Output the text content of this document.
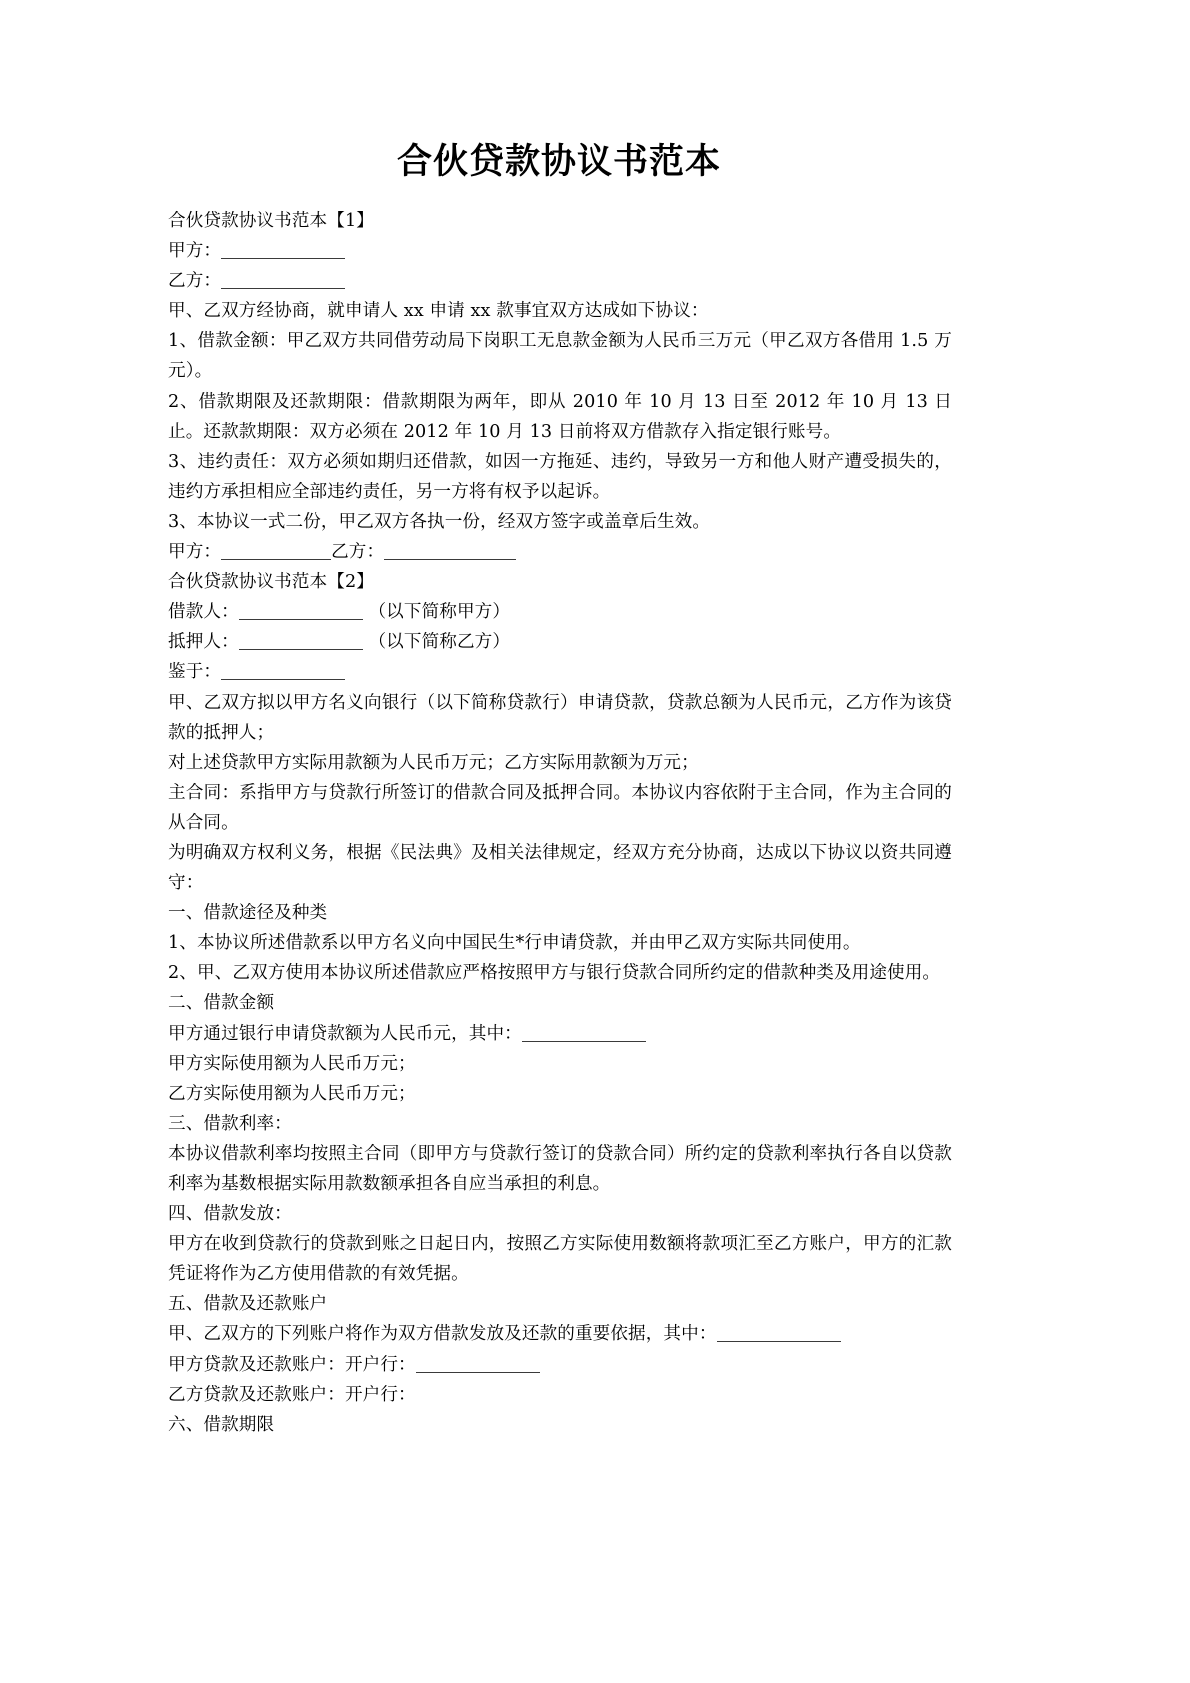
合伙贷款协议书范本
合伙贷款协议书范本【1】
甲方：
乙方：
甲、乙双方经协商，就申请人 xx 申请 xx 款事宜双方达成如下协议：
1、借款金额：甲乙双方共同借劳动局下岗职工无息款金额为人民币三万元（甲乙双方各借用 1.5 万元）。
2、借款期限及还款期限：借款期限为两年，即从 2010 年 10 月 13 日至 2012 年 10 月 13 日止。还款款期限：双方必须在 2012 年 10 月 13 日前将双方借款存入指定银行账号。
3、违约责任：双方必须如期归还借款，如因一方拖延、违约，导致另一方和他人财产遭受损失的，违约方承担相应全部违约责任，另一方将有权予以起诉。
3、本协议一式二份，甲乙双方各执一份，经双方签字或盖章后生效。
甲方：	乙方：
合伙贷款协议书范本【2】
借款人：	（以下简称甲方）
抵押人：	（以下简称乙方）
鉴于：
甲、乙双方拟以甲方名义向银行（以下简称贷款行）申请贷款，贷款总额为人民币元，乙方作为该贷款的抵押人；
对上述贷款甲方实际用款额为人民币万元；乙方实际用款额为万元；
主合同：系指甲方与贷款行所签订的借款合同及抵押合同。本协议内容依附于主合同，作为主合同的从合同。
为明确双方权利义务，根据《民法典》及相关法律规定，经双方充分协商，达成以下协议以资共同遵守：
一、借款途径及种类
1、本协议所述借款系以甲方名义向中国民生*行申请贷款，并由甲乙双方实际共同使用。
2、甲、乙双方使用本协议所述借款应严格按照甲方与银行贷款合同所约定的借款种类及用途使用。
二、借款金额
甲方通过银行申请贷款额为人民币元，其中：
甲方实际使用额为人民币万元；
乙方实际使用额为人民币万元；
三、借款利率：
本协议借款利率均按照主合同（即甲方与贷款行签订的贷款合同）所约定的贷款利率执行各自以贷款利率为基数根据实际用款数额承担各自应当承担的利息。
四、借款发放：
甲方在收到贷款行的贷款到账之日起日内，按照乙方实际使用数额将款项汇至乙方账户，甲方的汇款凭证将作为乙方使用借款的有效凭据。
五、借款及还款账户
甲、乙双方的下列账户将作为双方借款发放及还款的重要依据，其中：
甲方贷款及还款账户：开户行：
乙方贷款及还款账户：开户行：
六、借款期限
